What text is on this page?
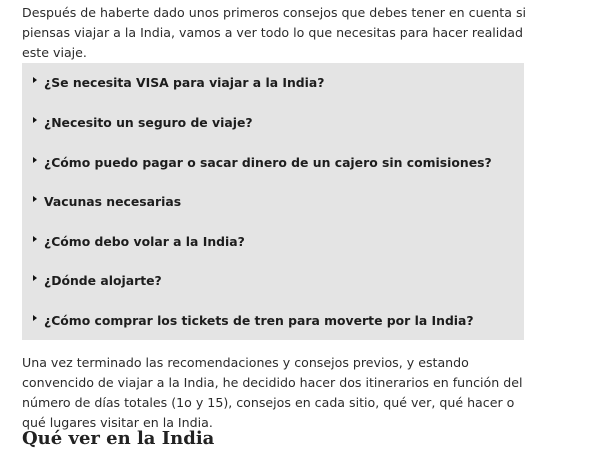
Después de haberte dado unos primeros consejos que debes tener en cuenta si piensas viajar a la India, vamos a ver todo lo que necesitas para hacer realidad este viaje.

¿Se necesita VISA para viajar a la India?
¿Necesito un seguro de viaje?
¿Cómo puedo pagar o sacar dinero de un cajero sin comisiones?
Vacunas necesarias
¿Cómo debo volar a la India?
¿Dónde alojarte?
¿Cómo comprar los tickets de tren para moverte por la India?

Una vez terminado las recomendaciones y consejos previos, y estando convencido de viajar a la India, he decidido hacer dos itinerarios en función del número de días totales (1o y 15), consejos en cada sitio, qué ver, qué hacer o qué lugares visitar en la India.

Qué ver en la India
